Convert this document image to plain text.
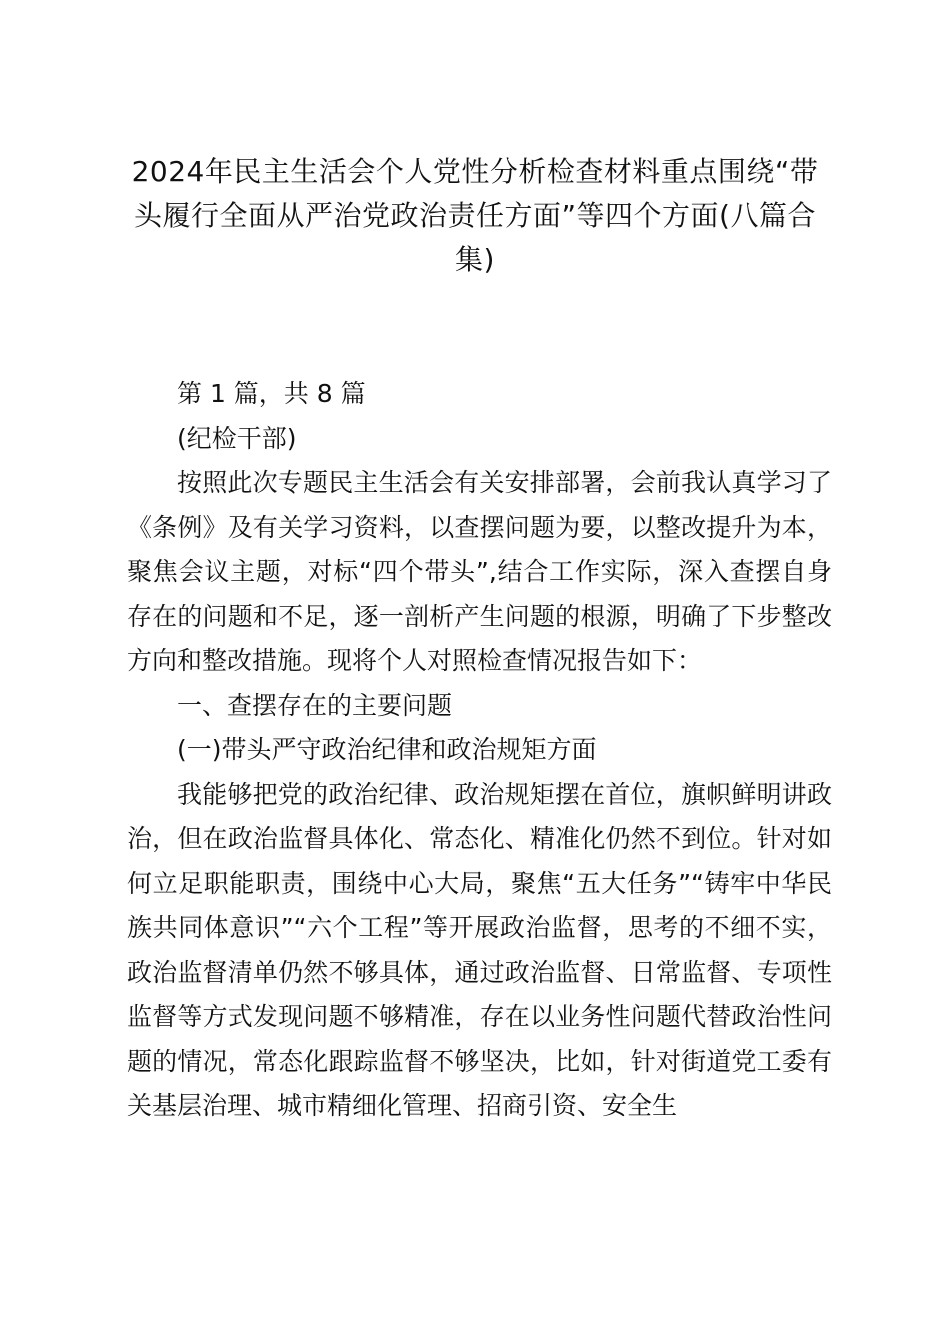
2024年民主生活会个人党性分析检查材料重点围绕“带头履行全面从严治党政治责任方面”等四个方面(八篇合集)

第 1 篇，共 8 篇

(纪检干部)

按照此次专题民主生活会有关安排部署，会前我认真学习了《条例》及有关学习资料，以查摆问题为要，以整改提升为本，聚焦会议主题，对标“四个带头”,结合工作实际，深入查摆自身存在的问题和不足，逐一剖析产生问题的根源，明确了下步整改方向和整改措施。现将个人对照检查情况报告如下：

一、查摆存在的主要问题

(一)带头严守政治纪律和政治规矩方面

我能够把党的政治纪律、政治规矩摆在首位，旗帜鲜明讲政治，但在政治监督具体化、常态化、精准化仍然不到位。针对如何立足职能职责，围绕中心大局，聚焦“五大任务”“铸牢中华民族共同体意识”“六个工程”等开展政治监督，思考的不细不实，政治监督清单仍然不够具体，通过政治监督、日常监督、专项性监督等方式发现问题不够精准，存在以业务性问题代替政治性问题的情况，常态化跟踪监督不够坚决，比如，针对街道党工委有关基层治理、城市精细化管理、招商引资、安全生
